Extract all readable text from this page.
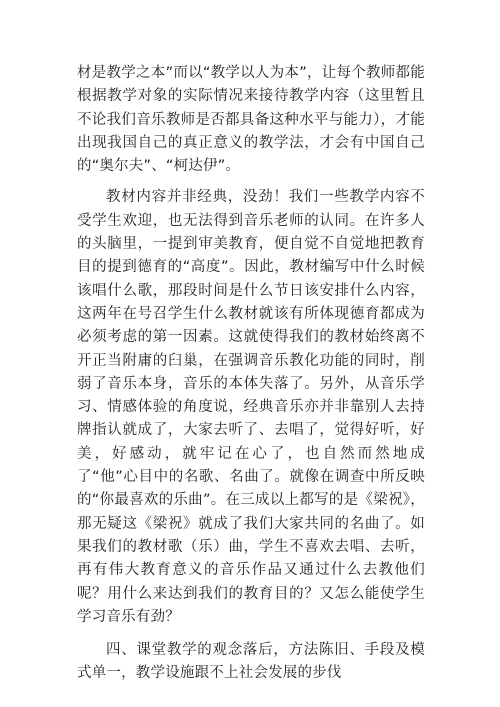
材是教学之本”而以“教学以人为本”，让每个教师都能根据教学对象的实际情况来接待教学内容（这里暂且不论我们音乐教师是否都具备这种水平与能力），才能出现我国自己的真正意义的教学法，才会有中国自己的“奥尔夫”、“柯达伊”。

教材内容并非经典，没劲！我们一些教学内容不受学生欢迎，也无法得到音乐老师的认同。在许多人的头脑里，一提到审美教育，便自觉不自觉地把教育目的提到德育的“高度”。因此，教材编写中什么时候该唱什么歌，那段时间是什么节日该安排什么内容，这两年在号召学生什么教材就该有所体现德育都成为必须考虑的第一因素。这就使得我们的教材始终离不开正当附庸的臼巢，在强调音乐教化功能的同时，削弱了音乐本身，音乐的本体失落了。另外，从音乐学习、情感体验的角度说，经典音乐亦并非靠别人去持牌指认就成了，大家去听了、去唱了，觉得好听，好美，好感动，就牢记在心了，也自然而然地成了“他”心目中的名歌、名曲了。就像在调查中所反映的“你最喜欢的乐曲”。在三成以上都写的是《梁祝》，那无疑这《梁祝》就成了我们大家共同的名曲了。如果我们的教材歌（乐）曲，学生不喜欢去唱、去听，再有伟大教育意义的音乐作品又通过什么去教他们呢？用什么来达到我们的教育目的？又怎么能使学生学习音乐有劲？

四、课堂教学的观念落后，方法陈旧、手段及模式单一，教学设施跟不上社会发展的步伐
